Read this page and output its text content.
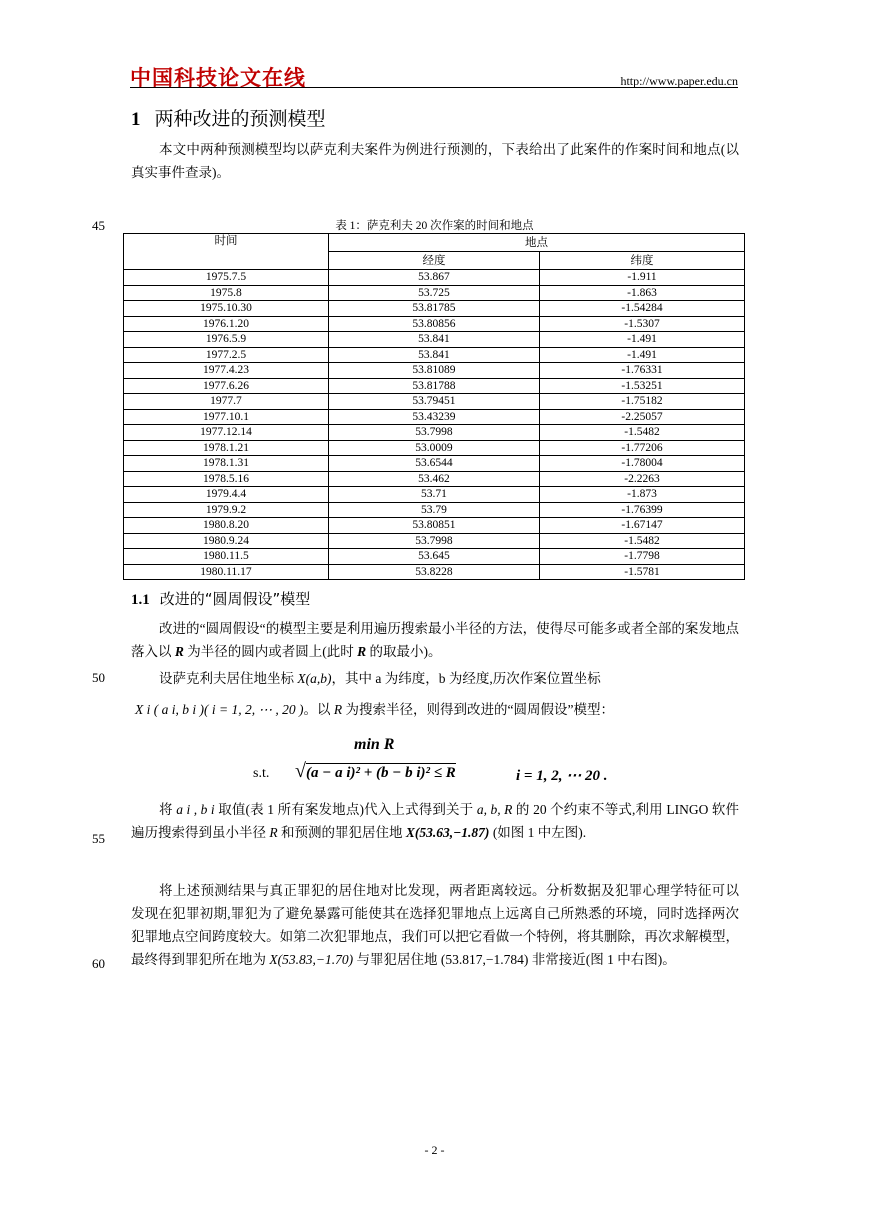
中国科技论文在线	http://www.paper.edu.cn
1 两种改进的预测模型
本文中两种预测模型均以萨克利夫案件为例进行预测的，下表给出了此案件的作案时间和地点(以真实事件查录)。
45	表 1：萨克利夫 20 次作案的时间和地点
时间	地点	
	经度	纬度
1975.7.5	53.867	-1.911
1975.8	53.725	-1.863
1975.10.30	53.81785	-1.54284
1976.1.20	53.80856	-1.5307
1976.5.9	53.841	-1.491
1977.2.5	53.841	-1.491
1977.4.23	53.81089	-1.76331
1977.6.26	53.81788	-1.53251
1977.7	53.79451	-1.75182
1977.10.1	53.43239	-2.25057
1977.12.14	53.7998	-1.5482
1978.1.21	53.0009	-1.77206
1978.1.31	53.6544	-1.78004
1978.5.16	53.462	-2.2263
1979.4.4	53.71	-1.873
1979.9.2	53.79	-1.76399
1980.8.20	53.80851	-1.67147
1980.9.24	53.7998	-1.5482
1980.11.5	53.645	-1.7798
1980.11.17	53.8228	-1.5781
1.1 改进的“圆周假设”模型
改进的“圆周假设“的模型主要是利用遍历搜索最小半径的方法，使得尽可能多或者全部的案发地点落入以 R 为半径的圆内或者圆上(此时 R 的取最小)。
50	设萨克利夫居住地坐标 X(a,b)，其中 a 为纬度，b 为经度,历次作案位置坐标
X i ( a i, b i )( i = 1, 2, ⋯ , 20 )。以 R 为搜索半径，则得到改进的“圆周假设”模型：
min R
s.t. √(a − a i)² + (b − b i)² ≤ R	i = 1, 2, ⋯ 20 .
将 a i , b i 取值(表 1 所有案发地点)代入上式得到关于 a, b, R 的 20 个约束不等式,利用 LINGO 软件遍历搜索得到虽小半径 R 和预测的罪犯居住地 X(53.63,−1.87) (如图 1 中左图).
55
将上述预测结果与真正罪犯的居住地对比发现，两者距离较远。分析数据及犯罪心理学特征可以发现在犯罪初期,罪犯为了避免暴露可能使其在选择犯罪地点上远离自己所熟悉的环境，同时选择两次犯罪地点空间跨度较大。如第二次犯罪地点，我们可以把它看做一个特例，将其删除，再次求解模型，最终得到罪犯所在地为 X(53.83,−1.70) 与罪犯居住地 (53.817,−1.784) 非常接近(图 1 中右图)。
60
- 2 -
